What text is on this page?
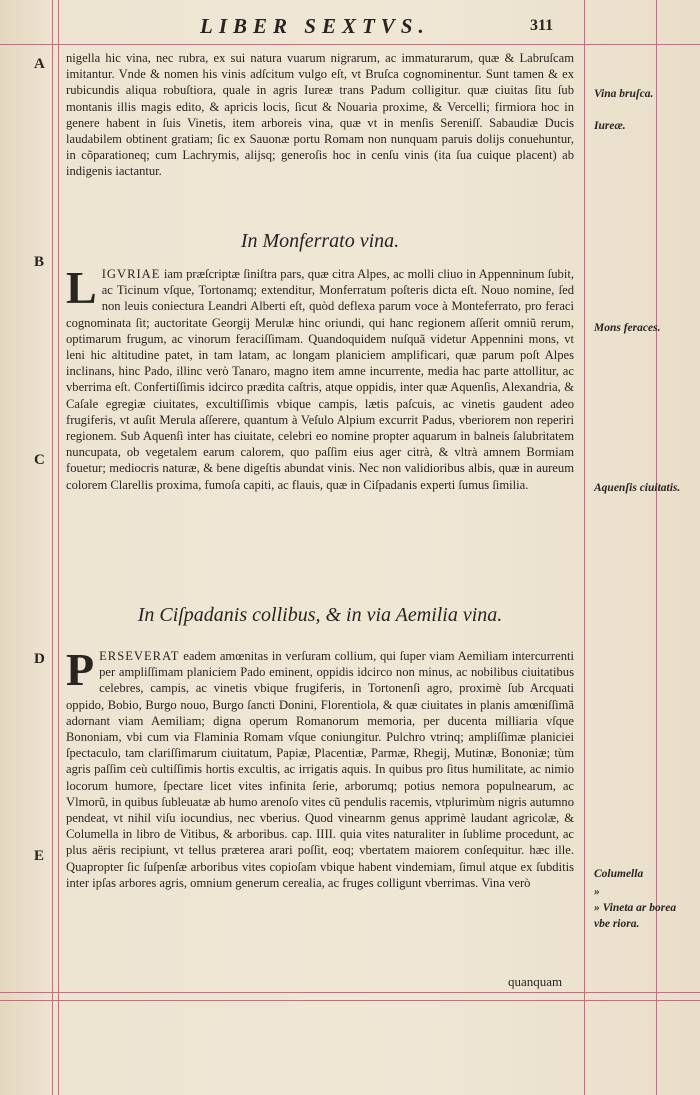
LIBER SEXTVS.	311
A
B
C
D
E

nigella hic vina, nec rubra, ex sui natura vuarum nigrarum, ac immaturarum, quæ & Labruſcam imitantur. Vnde & nomen his vinis adſcitum vulgo eſt, vt Bruſca cognominentur. Sunt tamen & ex rubicundis aliqua robuſtiora, quale in agris Iureæ trans Padum colligitur. quæ ciuitas ſitu ſub montanis illis magis edito, & apricis locis, ſicut & Nouaria proxime, & Vercelli; firmiora hoc in genere habent in ſuis Vinetis, item arboreis vina, quæ vt in menſis Sereniſſ. Sabaudiæ Ducis laudabilem obtinent gratiam; ſic ex Sauonæ portu Romam non nunquam paruis dolijs conuehuntur, in cõparationeq; cum Lachrymis, alijsq; generoſis hoc in cenſu vinis (ita ſua cuique placent) ab indigenis iactantur.

In Monferrato vina.

LIGVRIAE iam præſcriptæ ſiniſtra pars, quæ citra Alpes, ac molli cliuo in Appenninum ſubit, ac Ticinum vſque, Tortonamq; extenditur, Monferratum poſteris dicta eſt. Nouo nomine, ſed non leuis coniectura Leandri Alberti eſt, quòd deflexa parum voce à Monteferrato, pro feraci cognominata ſit; auctoritate Georgij Merulæ hinc oriundi, qui hanc regionem aſſerit omniũ rerum, optimarum frugum, ac vinorum feraciſſimam. Quandoquidem nuſquã videtur Appennini mons, vt leni hic altitudine patet, in tam latam, ac longam planiciem amplificari, quæ parum poſt Alpes inclinans, hinc Pado, illinc verò Tanaro, magno item amne incurrente, media hac parte attollitur, ac vberrima eſt. Confertiſſimis idcirco prædita caſtris, atque oppidis, inter quæ Aquenſis, Alexandria, & Caſale egregiæ ciuitates, excultiſſimis vbique campis, lætis paſcuis, ac vinetis gaudent adeo frugiferis, vt auſit Merula aſſerere, quantum à Veſulo Alpium excurrit Padus, vberiorem non reperiri regionem. Sub Aquenſi inter has ciuitate, celebri eo nomine propter aquarum in balneis ſalubritatem nuncupata, ob vegetalem earum calorem, quo paſſim eius ager citrà, & vltrà amnem Bormiam fouetur; mediocris naturæ, & bene digeſtis abundat vinis. Nec non validioribus albis, quæ in aureum colorem Clarellis proxima, fumoſa capiti, ac flauis, quæ in Ciſpadanis experti ſumus ſimilia.

In Ciſpadanis collibus, & in via Aemilia vina.

PERSEVERAT eadem amœnitas in verſuram collium, qui ſuper viam Aemiliam intercurrenti per ampliſſimam planiciem Pado eminent, oppidis idcirco non minus, ac nobilibus ciuitatibus celebres, campis, ac vinetis vbique frugiferis, in Tortonenſi agro, proximè ſub Arcquati oppido, Bobio, Burgo nouo, Burgo ſancti Donini, Florentiola, & quæ ciuitates in planis amœniſſimã adornant viam Aemiliam; digna operum Romanorum memoria, per ducenta milliaria vſque Bononiam, vbi cum via Flaminia Romam vſque coniungitur. Pulchro vtrinq; ampliſſimæ planiciei ſpectaculo, tam clariſſimarum ciuitatum, Papiæ, Placentiæ, Parmæ, Rhegij, Mutinæ, Bononiæ; tùm agris paſſim ceù cultiſſimis hortis excultis, ac irrigatis aquis. In quibus pro ſitus humilitate, ac nimio locorum humore, ſpectare licet vites infinita ſerie, arborumq; potius nemora populnearum, ac Vlmorũ, in quibus ſubleuatæ ab humo arenoſo vites cũ pendulis racemis, vtplurimùm nigris autumno pendeat, vt nihil viſu iocundius, nec vberius. Quod vinearnm genus apprimè laudant agricolæ, & Columella in libro de Vitibus, & arboribus. cap. IIII. quia vites naturaliter in ſublime procedunt, ac plus aëris recipiunt, vt tellus præterea arari poſſit, eoq; vbertatem maiorem conſequitur. hæc ille. Quapropter ſic ſuſpenſæ arboribus vites copioſam vbique habent vindemiam, ſimul atque ex ſubditis inter ipſas arbores agris, omnium generum cerealia, ac fruges colligunt vberrimas. Vina verò

quanquam
Vina bruſca.
Iureæ.
Mons feraces.
Aquenſis ciuitatis.
Columella
»
» Vineta ar borea vbe riora.
